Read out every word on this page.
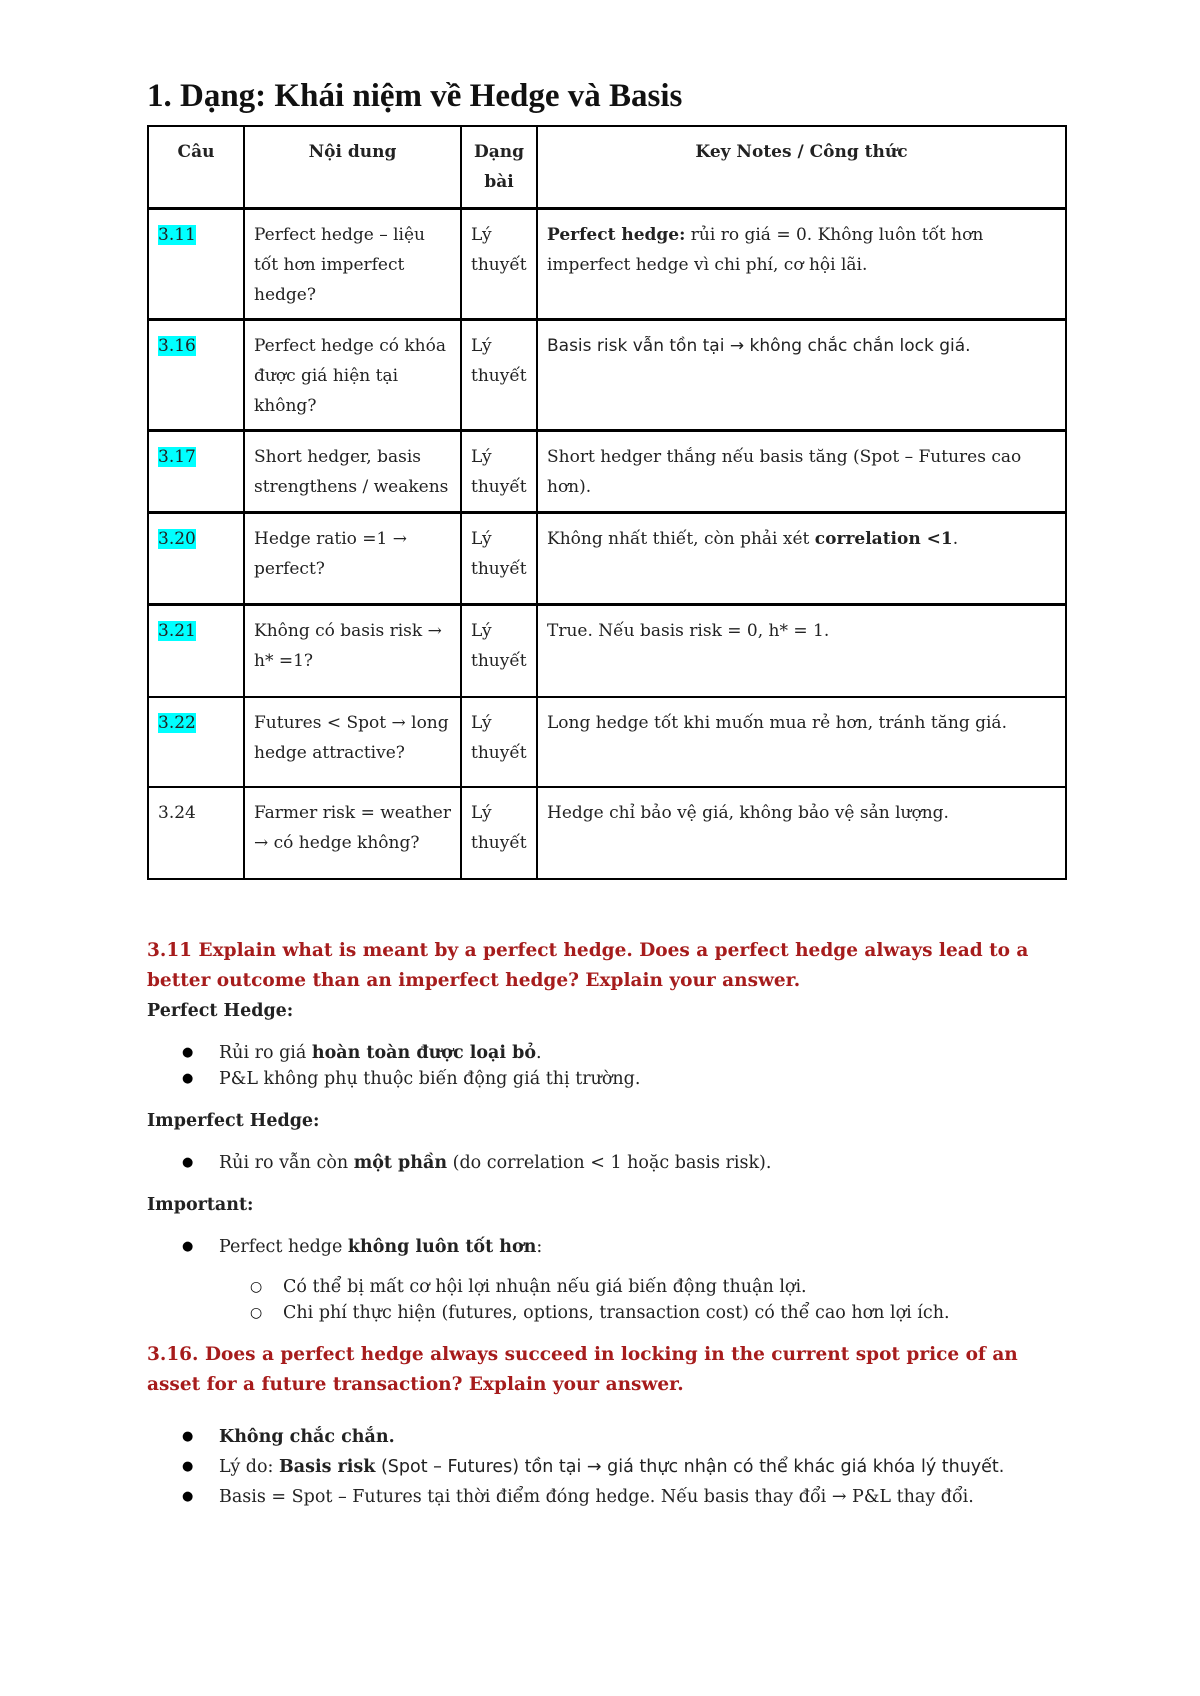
1. Dạng: Khái niệm về Hedge và Basis
Câu	Nội dung	Dạng bài	Key Notes / Công thức
3.11	Perfect hedge – liệu tốt hơn imperfect hedge?	Lý thuyết	Perfect hedge: rủi ro giá = 0. Không luôn tốt hơn imperfect hedge vì chi phí, cơ hội lãi.
3.16	Perfect hedge có khóa được giá hiện tại không?	Lý thuyết	Basis risk vẫn tồn tại → không chắc chắn lock giá.
3.17	Short hedger, basis strengthens / weakens	Lý thuyết	Short hedger thắng nếu basis tăng (Spot – Futures cao hơn).
3.20	Hedge ratio =1 → perfect?	Lý thuyết	Không nhất thiết, còn phải xét correlation <1.
3.21	Không có basis risk → h* =1?	Lý thuyết	True. Nếu basis risk = 0, h* = 1.
3.22	Futures < Spot → long hedge attractive?	Lý thuyết	Long hedge tốt khi muốn mua rẻ hơn, tránh tăng giá.
3.24	Farmer risk = weather → có hedge không?	Lý thuyết	Hedge chỉ bảo vệ giá, không bảo vệ sản lượng.

3.11 Explain what is meant by a perfect hedge. Does a perfect hedge always lead to a better outcome than an imperfect hedge? Explain your answer.

Perfect Hedge:

● Rủi ro giá hoàn toàn được loại bỏ.
● P&L không phụ thuộc biến động giá thị trường.

Imperfect Hedge:

● Rủi ro vẫn còn một phần (do correlation < 1 hoặc basis risk).

Important:

● Perfect hedge không luôn tốt hơn:
○ Có thể bị mất cơ hội lợi nhuận nếu giá biến động thuận lợi.
○ Chi phí thực hiện (futures, options, transaction cost) có thể cao hơn lợi ích.

3.16. Does a perfect hedge always succeed in locking in the current spot price of an asset for a future transaction? Explain your answer.

● Không chắc chắn.
● Lý do: Basis risk (Spot – Futures) tồn tại → giá thực nhận có thể khác giá khóa lý thuyết.
● Basis = Spot – Futures tại thời điểm đóng hedge. Nếu basis thay đổi → P&L thay đổi.
